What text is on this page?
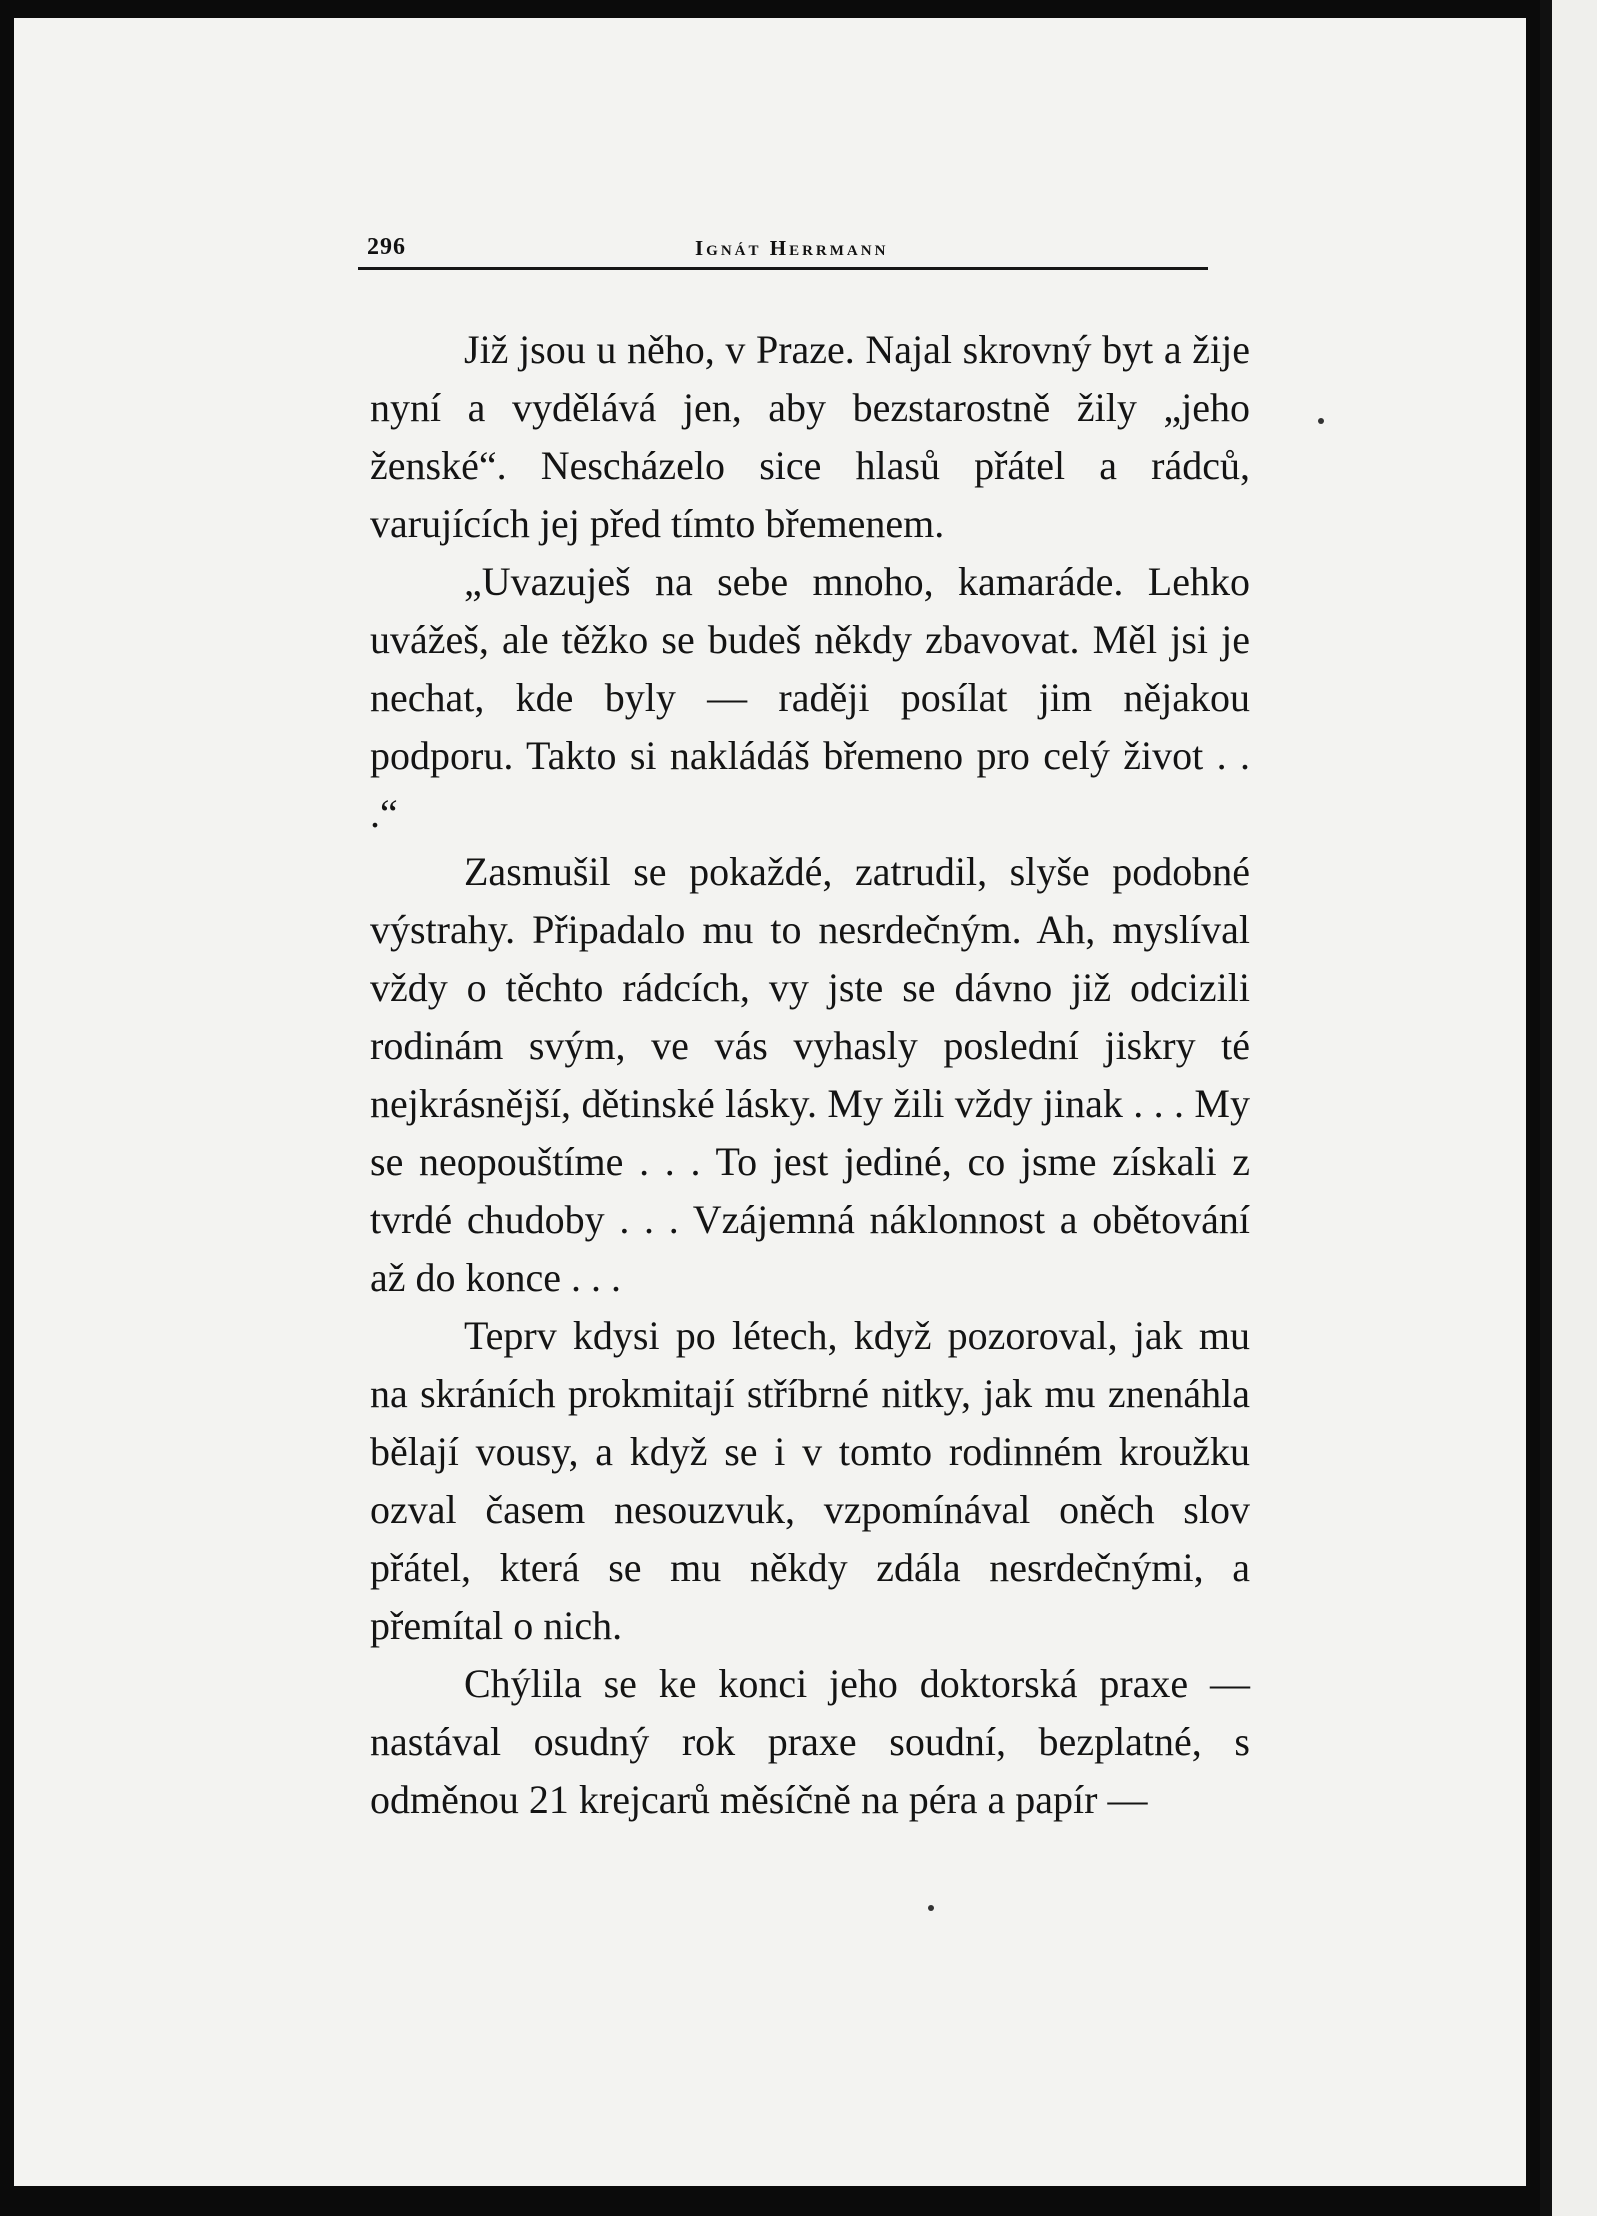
296	Ignát Herrmann

Již jsou u něho, v Praze. Najal skrovný byt a žije nyní a vydělává jen, aby bezstarostně žily „jeho ženské“. Nescházelo sice hlasů přátel a rádců, varujících jej před tímto břemenem.

„Uvazuješ na sebe mnoho, kamaráde. Lehko uvážeš, ale těžko se budeš někdy zbavovat. Měl jsi je nechat, kde byly — raději posílat jim nějakou podporu. Takto si nakládáš břemeno pro celý život . . .“

Zasmušil se pokaždé, zatrudil, slyše podobné výstrahy. Připadalo mu to nesrdečným. Ah, myslíval vždy o těchto rádcích, vy jste se dávno již odcizili rodinám svým, ve vás vyhasly poslední jiskry té nejkrásnější, dětinské lásky. My žili vždy jinak . . . My se neopouštíme . . . To jest jediné, co jsme získali z tvrdé chudoby . . . Vzájemná náklonnost a obětování až do konce . . .

Teprv kdysi po létech, když pozoroval, jak mu na skráních prokmitají stříbrné nitky, jak mu znenáhla bělají vousy, a když se i v tomto rodinném kroužku ozval časem nesouzvuk, vzpomínával oněch slov přátel, která se mu někdy zdála nesrdečnými, a přemítal o nich.

Chýlila se ke konci jeho doktorská praxe — nastával osudný rok praxe soudní, bezplatné, s odměnou 21 krejcarů měsíčně na péra a papír —
